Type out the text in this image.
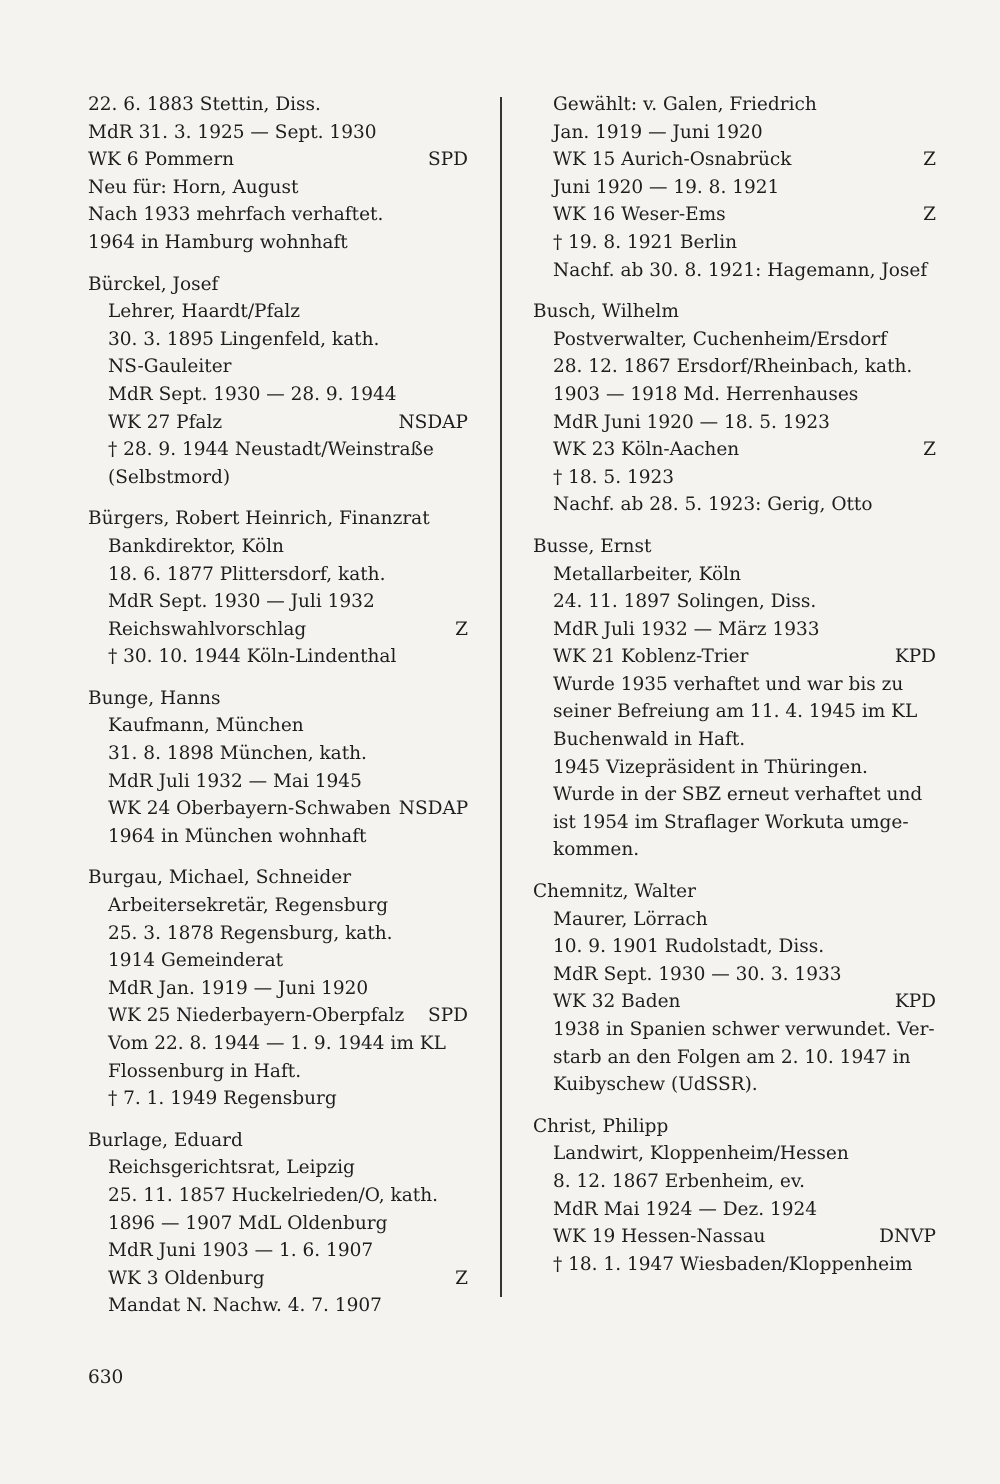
22. 6. 1883 Stettin, Diss.
MdR 31. 3. 1925 — Sept. 1930
WK 6 Pommern	SPD
Neu für: Horn, August
Nach 1933 mehrfach verhaftet.
1964 in Hamburg wohnhaft
Bürckel, Josef
Lehrer, Haardt/Pfalz
30. 3. 1895 Lingenfeld, kath.
NS-Gauleiter
MdR Sept. 1930 — 28. 9. 1944
WK 27 Pfalz	NSDAP
† 28. 9. 1944 Neustadt/Weinstraße
(Selbstmord)
Bürgers, Robert Heinrich, Finanzrat
Bankdirektor, Köln
18. 6. 1877 Plittersdorf, kath.
MdR Sept. 1930 — Juli 1932
Reichswahlvorschlag	Z
† 30. 10. 1944 Köln-Lindenthal
Bunge, Hanns
Kaufmann, München
31. 8. 1898 München, kath.
MdR Juli 1932 — Mai 1945
WK 24 Oberbayern-Schwaben NSDAP
1964 in München wohnhaft
Burgau, Michael, Schneider
Arbeitersekretär, Regensburg
25. 3. 1878 Regensburg, kath.
1914 Gemeinderat
MdR Jan. 1919 — Juni 1920
WK 25 Niederbayern-Oberpfalz	SPD
Vom 22. 8. 1944 — 1. 9. 1944 im KL
Flossenburg in Haft.
† 7. 1. 1949 Regensburg
Burlage, Eduard
Reichsgerichtsrat, Leipzig
25. 11. 1857 Huckelrieden/O, kath.
1896 — 1907 MdL Oldenburg
MdR Juni 1903 — 1. 6. 1907
WK 3 Oldenburg	Z
Mandat N. Nachw. 4. 7. 1907
Gewählt: v. Galen, Friedrich
Jan. 1919 — Juni 1920
WK 15 Aurich-Osnabrück	Z
Juni 1920 — 19. 8. 1921
WK 16 Weser-Ems	Z
† 19. 8. 1921 Berlin
Nachf. ab 30. 8. 1921: Hagemann, Josef
Busch, Wilhelm
Postverwalter, Cuchenheim/Ersdorf
28. 12. 1867 Ersdorf/Rheinbach, kath.
1903 — 1918 Md. Herrenhauses
MdR Juni 1920 — 18. 5. 1923
WK 23 Köln-Aachen	Z
† 18. 5. 1923
Nachf. ab 28. 5. 1923: Gerig, Otto
Busse, Ernst
Metallarbeiter, Köln
24. 11. 1897 Solingen, Diss.
MdR Juli 1932 — März 1933
WK 21 Koblenz-Trier	KPD
Wurde 1935 verhaftet und war bis zu
seiner Befreiung am 11. 4. 1945 im KL
Buchenwald in Haft.
1945 Vizepräsident in Thüringen.
Wurde in der SBZ erneut verhaftet und
ist 1954 im Straflager Workuta umge-
kommen.
Chemnitz, Walter
Maurer, Lörrach
10. 9. 1901 Rudolstadt, Diss.
MdR Sept. 1930 — 30. 3. 1933
WK 32 Baden	KPD
1938 in Spanien schwer verwundet. Ver-
starb an den Folgen am 2. 10. 1947 in
Kuibyschew (UdSSR).
Christ, Philipp
Landwirt, Kloppenheim/Hessen
8. 12. 1867 Erbenheim, ev.
MdR Mai 1924 — Dez. 1924
WK 19 Hessen-Nassau	DNVP
† 18. 1. 1947 Wiesbaden/Kloppenheim
630
